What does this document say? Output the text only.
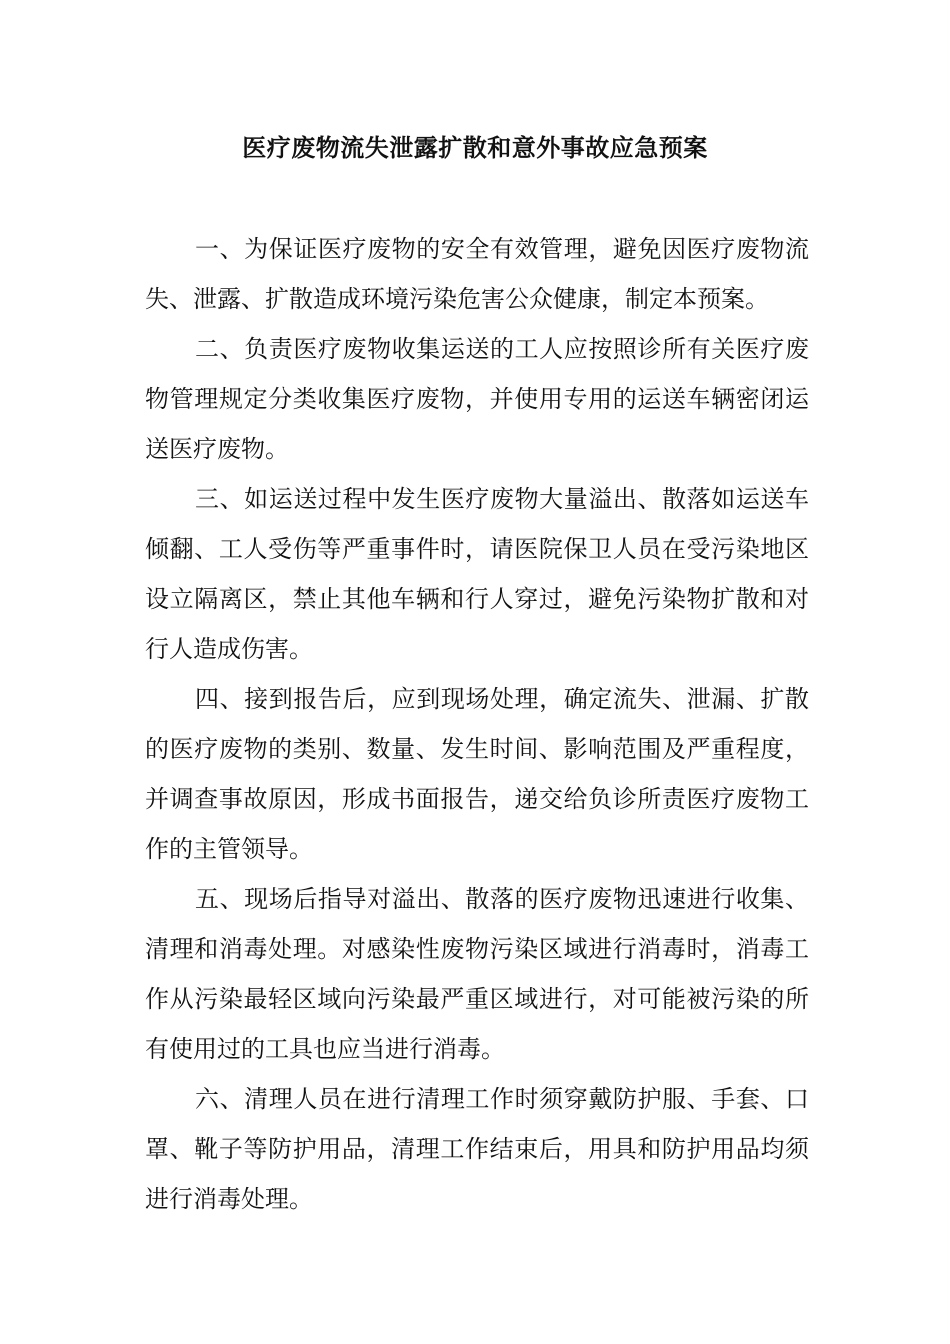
医疗废物流失泄露扩散和意外事故应急预案

一、为保证医疗废物的安全有效管理，避免因医疗废物流失、泄露、扩散造成环境污染危害公众健康，制定本预案。

二、负责医疗废物收集运送的工人应按照诊所有关医疗废物管理规定分类收集医疗废物，并使用专用的运送车辆密闭运送医疗废物。

三、如运送过程中发生医疗废物大量溢出、散落如运送车倾翻、工人受伤等严重事件时，请医院保卫人员在受污染地区设立隔离区，禁止其他车辆和行人穿过，避免污染物扩散和对行人造成伤害。

四、接到报告后，应到现场处理，确定流失、泄漏、扩散的医疗废物的类别、数量、发生时间、影响范围及严重程度，并调查事故原因，形成书面报告，递交给负诊所责医疗废物工作的主管领导。

五、现场后指导对溢出、散落的医疗废物迅速进行收集、清理和消毒处理。对感染性废物污染区域进行消毒时，消毒工作从污染最轻区域向污染最严重区域进行，对可能被污染的所有使用过的工具也应当进行消毒。

六、清理人员在进行清理工作时须穿戴防护服、手套、口罩、靴子等防护用品，清理工作结束后，用具和防护用品均须进行消毒处理。
